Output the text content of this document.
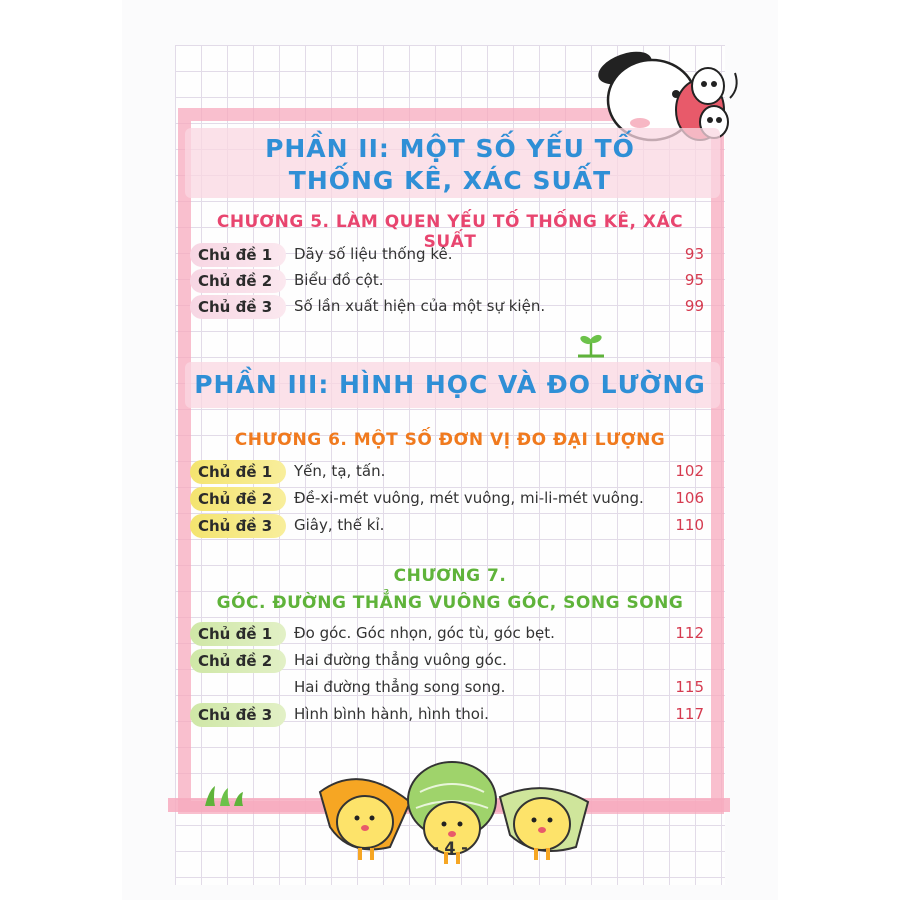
PHẦN II: MỘT SỐ YẾU TỐ
THỐNG KÊ, XÁC SUẤT
CHƯƠNG 5. LÀM QUEN YẾU TỐ THỐNG KÊ, XÁC SUẤT
Chủ đề 1	Dãy số liệu thống kê.	93
Chủ đề 2	Biểu đồ cột.	95
Chủ đề 3	Số lần xuất hiện của một sự kiện.	99
PHẦN III: HÌNH HỌC VÀ ĐO LƯỜNG
CHƯƠNG 6. MỘT SỐ ĐƠN VỊ ĐO ĐẠI LƯỢNG
Chủ đề 1	Yến, tạ, tấn.	102
Chủ đề 2	Đề-xi-mét vuông, mét vuông, mi-li-mét vuông. 106
Chủ đề 3	Giây, thế kỉ.	110
CHƯƠNG 7.
GÓC. ĐƯỜNG THẲNG VUÔNG GÓC, SONG SONG
Chủ đề 1	Đo góc. Góc nhọn, góc tù, góc bẹt.	112
Chủ đề 2	Hai đường thẳng vuông góc.
Hai đường thẳng song song.	115
Chủ đề 3	Hình bình hành, hình thoi.	117
- 4 -
